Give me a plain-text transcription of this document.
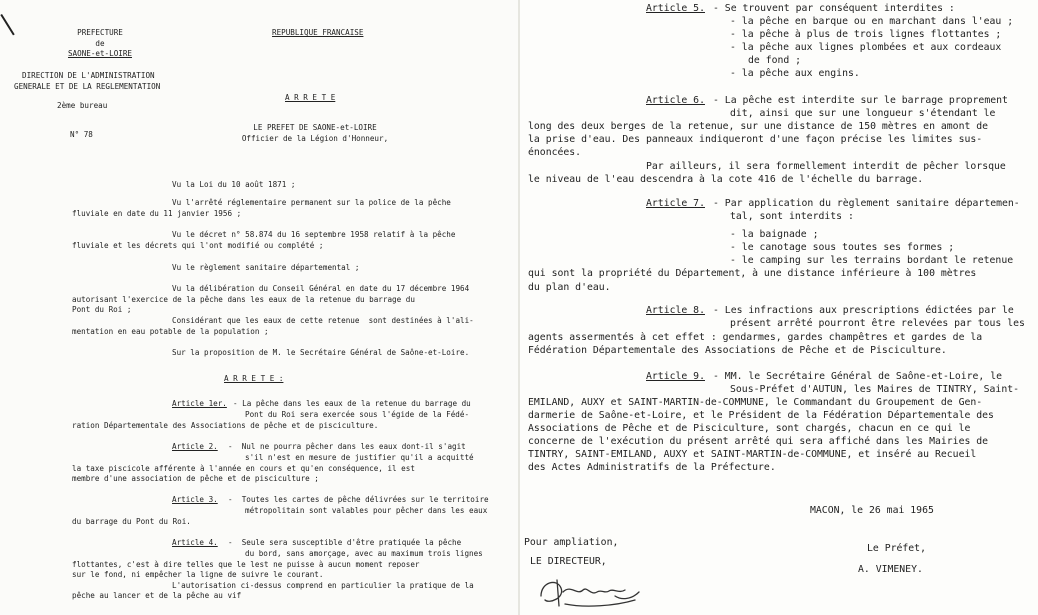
PREFECTURE
de
SAONE-et-LOIRE
DIRECTION DE L'ADMINISTRATION
GENERALE ET DE LA REGLEMENTATION
2ème bureau
N° 78
REPUBLIQUE FRANCAISE
A R R E T E
LE PREFET DE SAONE-et-LOIRE
Officier de la Légion d'Honneur,
Vu la Loi du 10 août 1871 ;
Vu l'arrêté réglementaire permanent sur la police de la pêche
fluviale en date du 11 janvier 1956 ;
Vu le décret n° 58.874 du 16 septembre 1958 relatif à la pêche
fluviale et les décrets qui l'ont modifié ou complété ;
Vu le règlement sanitaire départemental ;
Vu la délibération du Conseil Général en date du 17 décembre 1964
autorisant l'exercice de la pêche dans les eaux de la retenue du barrage du
Pont du Roi ;
Considérant que les eaux de cette retenue  sont destinées à l'ali-
mentation en eau potable de la population ;
Sur la proposition de M. le Secrétaire Général de Saône-et-Loire.
A R R E T E :
Article 1er. - La pêche dans les eaux de la retenue du barrage du
Pont du Roi sera exercée sous l'égide de la Fédé-
ration Départementale des Associations de pêche et de pisciculture.
Article 2. -  Nul ne pourra pêcher dans les eaux dont-il s'agit
s'il n'est en mesure de justifier qu'il a acquitté
la taxe piscicole afférente à l'année en cours et qu'en conséquence, il est
membre d'une association de pêche et de pisciculture ;
Article 3. -  Toutes les cartes de pêche délivrées sur le territoire
métropolitain sont valables pour pêcher dans les eaux
du barrage du Pont du Roi.
Article 4. -  Seule sera susceptible d'être pratiquée la pêche
du bord, sans amorçage, avec au maximum trois lignes
flottantes, c'est à dire telles que le lest ne puisse à aucun moment reposer
sur le fond, ni empêcher la ligne de suivre le courant.
L'autorisation ci-dessus comprend en particulier la pratique de la
pêche au lancer et de la pêche au vif
Article 5. - Se trouvent par conséquent interdites :
- la pêche en barque ou en marchant dans l'eau ;
- la pêche à plus de trois lignes flottantes ;
- la pêche aux lignes plombées et aux cordeaux
de fond ;
- la pêche aux engins.
Article 6. - La pêche est interdite sur le barrage proprement
dit, ainsi que sur une longueur s'étendant le
long des deux berges de la retenue, sur une distance de 150 mètres en amont de
la prise d'eau. Des panneaux indiqueront d'une façon précise les limites sus-
énoncées.
Par ailleurs, il sera formellement interdit de pêcher lorsque
le niveau de l'eau descendra à la cote 416 de l'échelle du barrage.
Article 7. - Par application du règlement sanitaire départemen-
tal, sont interdits :
- la baignade ;
- le canotage sous toutes ses formes ;
- le camping sur les terrains bordant le retenue
qui sont la propriété du Département, à une distance inférieure à 100 mètres
du plan d'eau.
Article 8. - Les infractions aux prescriptions édictées par le
présent arrêté pourront être relevées par tous les
agents assermentés à cet effet : gendarmes, gardes champêtres et gardes de la
Fédération Départementale des Associations de Pêche et de Pisciculture.
Article 9. - MM. le Secrétaire Général de Saône-et-Loire, le
Sous-Préfet d'AUTUN, les Maires de TINTRY, Saint-
EMILAND, AUXY et SAINT-MARTIN-de-COMMUNE, le Commandant du Groupement de Gen-
darmerie de Saône-et-Loire, et le Président de la Fédération Départementale des
Associations de Pêche et de Pisciculture, sont chargés, chacun en ce qui le
concerne de l'exécution du présent arrêté qui sera affiché dans les Mairies de
TINTRY, SAINT-EMILAND, AUXY et SAINT-MARTIN-de-COMMUNE, et inséré au Recueil
des Actes Administratifs de la Préfecture.
MACON, le 26 mai 1965
Pour ampliation,
LE DIRECTEUR,
Le Préfet,
A. VIMENEY.
